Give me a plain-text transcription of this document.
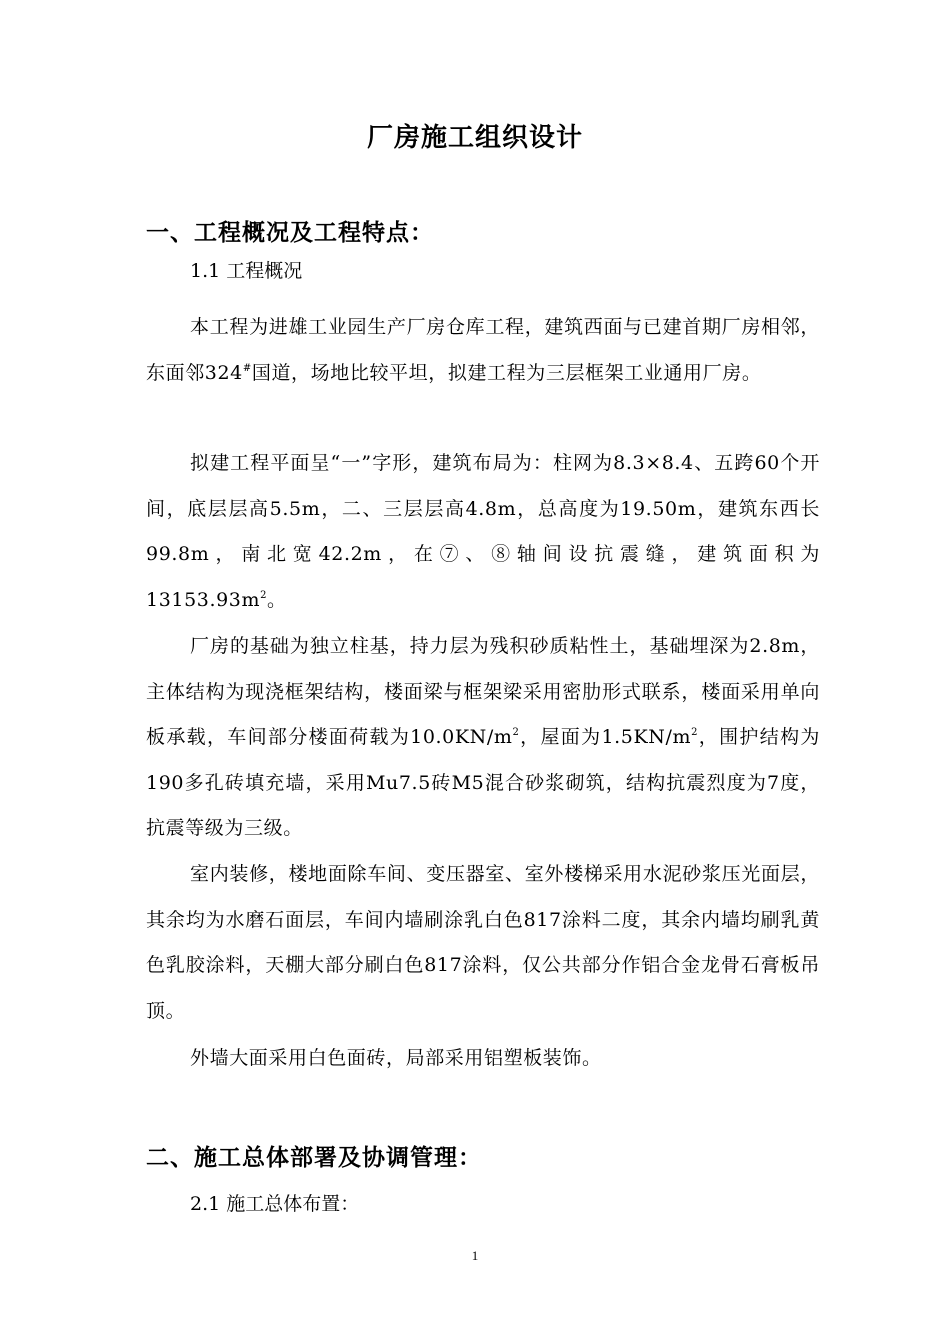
厂房施工组织设计
一、工程概况及工程特点：
1.1 工程概况

本工程为进雄工业园生产厂房仓库工程，建筑西面与已建首期厂房相邻，东面邻324#国道，场地比较平坦，拟建工程为三层框架工业通用厂房。

拟建工程平面呈“一”字形，建筑布局为：柱网为8.3×8.4、五跨60个开间，底层层高5.5m，二、三层层高4.8m，总高度为19.50m，建筑东西长99.8m，南北宽42.2m，在⑦、⑧轴间设抗震缝，建筑面积为$13153.93m^2$。

厂房的基础为独立柱基，持力层为残积砂质粘性土，基础埋深为2.8m，主体结构为现浇框架结构，楼面梁与框架梁采用密肋形式联系，楼面采用单向板承载，车间部分楼面荷载为$10.0KN/m^2$，屋面为$1.5KN/m^2$，围护结构为190多孔砖填充墙，采用Mu7.5砖M5混合砂浆砌筑，结构抗震烈度为7度，抗震等级为三级。

室内装修，楼地面除车间、变压器室、室外楼梯采用水泥砂浆压光面层，其余均为水磨石面层，车间内墙刷涂乳白色817涂料二度，其余内墙均刷乳黄色乳胶涂料，天棚大部分刷白色817涂料，仅公共部分作铝合金龙骨石膏板吊顶。

外墙大面采用白色面砖，局部采用铝塑板装饰。

二、施工总体部署及协调管理：
2.1 施工总体布置：
1
